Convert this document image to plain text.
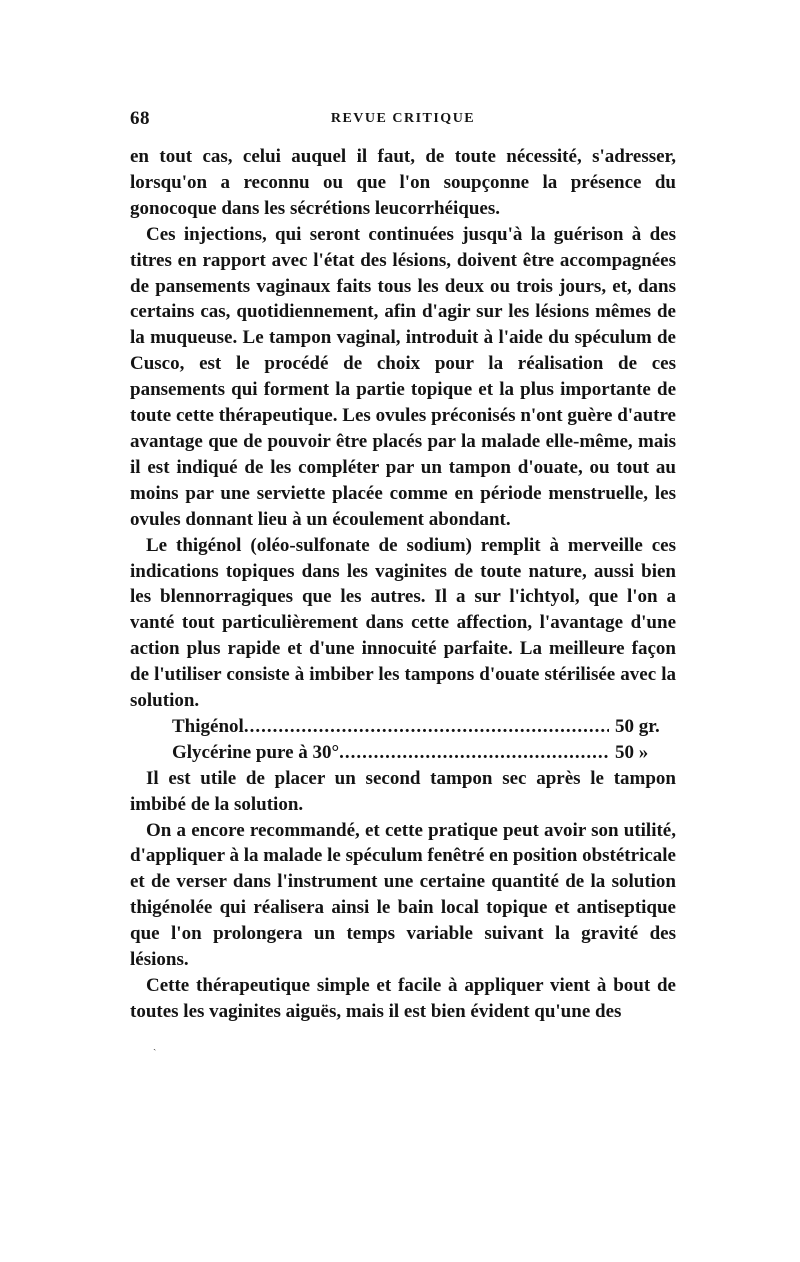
68	REVUE CRITIQUE

en tout cas, celui auquel il faut, de toute nécessité, s'adresser, lorsqu'on a reconnu ou que l'on soupçonne la présence du gonocoque dans les sécrétions leucorrhéiques.

Ces injections, qui seront continuées jusqu'à la guérison à des titres en rapport avec l'état des lésions, doivent être accompagnées de pansements vaginaux faits tous les deux ou trois jours, et, dans certains cas, quotidiennement, afin d'agir sur les lésions mêmes de la muqueuse. Le tampon vaginal, introduit à l'aide du spéculum de Cusco, est le procédé de choix pour la réalisation de ces pansements qui forment la partie topique et la plus importante de toute cette thérapeutique. Les ovules préconisés n'ont guère d'autre avantage que de pouvoir être placés par la malade elle-même, mais il est indiqué de les compléter par un tampon d'ouate, ou tout au moins par une serviette placée comme en période menstruelle, les ovules donnant lieu à un écoulement abondant.

Le thigénol (oléo-sulfonate de sodium) remplit à merveille ces indications topiques dans les vaginites de toute nature, aussi bien les blennorragiques que les autres. Il a sur l'ichtyol, que l'on a vanté tout particulièrement dans cette affection, l'avantage d'une action plus rapide et d'une innocuité parfaite. La meilleure façon de l'utiliser consiste à imbiber les tampons d'ouate stérilisée avec la solution.

Thigénol .....	50 gr.
Glycérine pure à 30° .....	50 »

Il est utile de placer un second tampon sec après le tampon imbibé de la solution.

On a encore recommandé, et cette pratique peut avoir son utilité, d'appliquer à la malade le spéculum fenêtré en position obstétricale et de verser dans l'instrument une certaine quantité de la solution thigénolée qui réalisera ainsi le bain local topique et antiseptique que l'on prolongera un temps variable suivant la gravité des lésions.

Cette thérapeutique simple et facile à appliquer vient à bout de toutes les vaginites aiguës, mais il est bien évident qu'une des

ˏ
